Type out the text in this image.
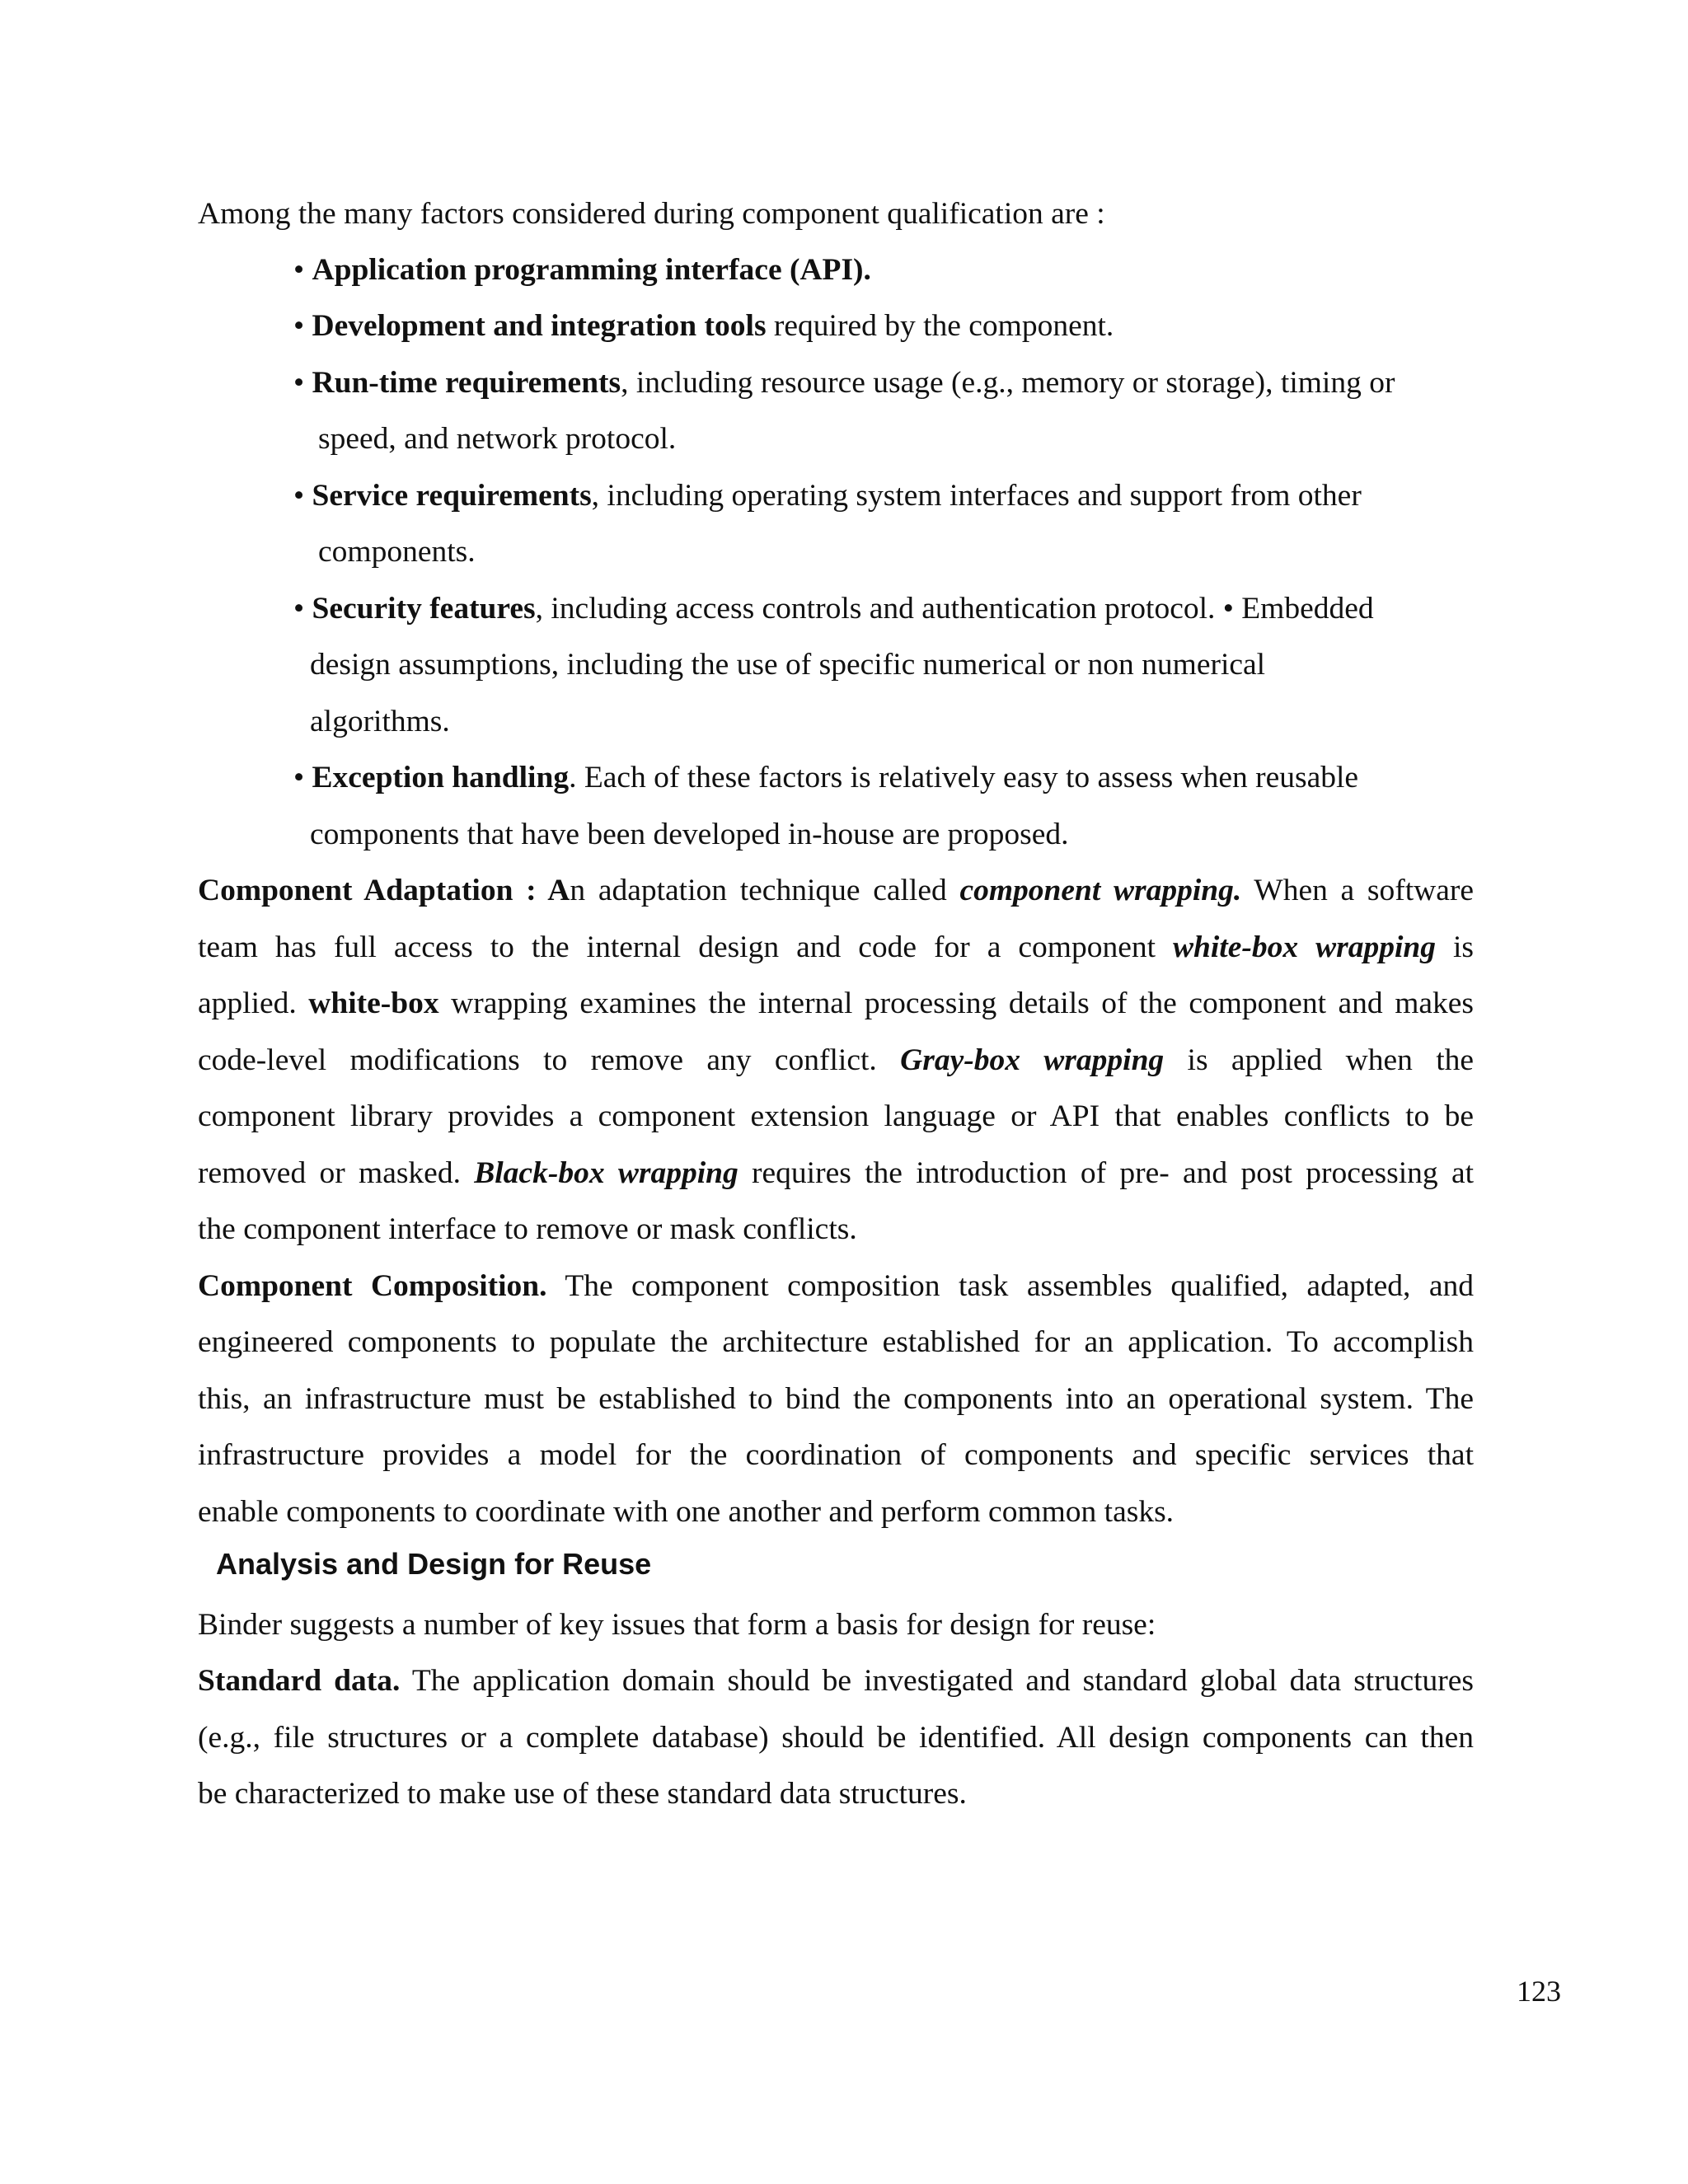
Among the many factors considered during component qualification are :
• Application programming interface (API).
• Development and integration tools required by the component.
• Run-time requirements, including resource usage (e.g., memory or storage), timing or
speed, and network protocol.
• Service requirements, including operating system interfaces and support from other
components.
• Security features, including access controls and authentication protocol. • Embedded
design assumptions, including the use of specific numerical or non numerical
algorithms.
• Exception handling. Each of these factors is relatively easy to assess when reusable
components that have been developed in-house are proposed.
Component Adaptation : An adaptation technique called component wrapping. When a software
team has full access to the internal design and code for a component white-box wrapping is
applied. white-box wrapping examines the internal processing details of the component and makes
code-level modifications to remove any conflict. Gray-box wrapping is applied when the
component library provides a component extension language or API that enables conflicts to be
removed or masked. Black-box wrapping requires the introduction of pre- and post processing at
the component interface to remove or mask conflicts.
Component Composition. The component composition task assembles qualified, adapted, and
engineered components to populate the architecture established for an application. To accomplish
this, an infrastructure must be established to bind the components into an operational system. The
infrastructure provides a model for the coordination of components and specific services that
enable components to coordinate with one another and perform common tasks.
Analysis and Design for Reuse
Binder suggests a number of key issues that form a basis for design for reuse:
Standard data. The application domain should be investigated and standard global data structures
(e.g., file structures or a complete database) should be identified. All design components can then
be characterized to make use of these standard data structures.
123
